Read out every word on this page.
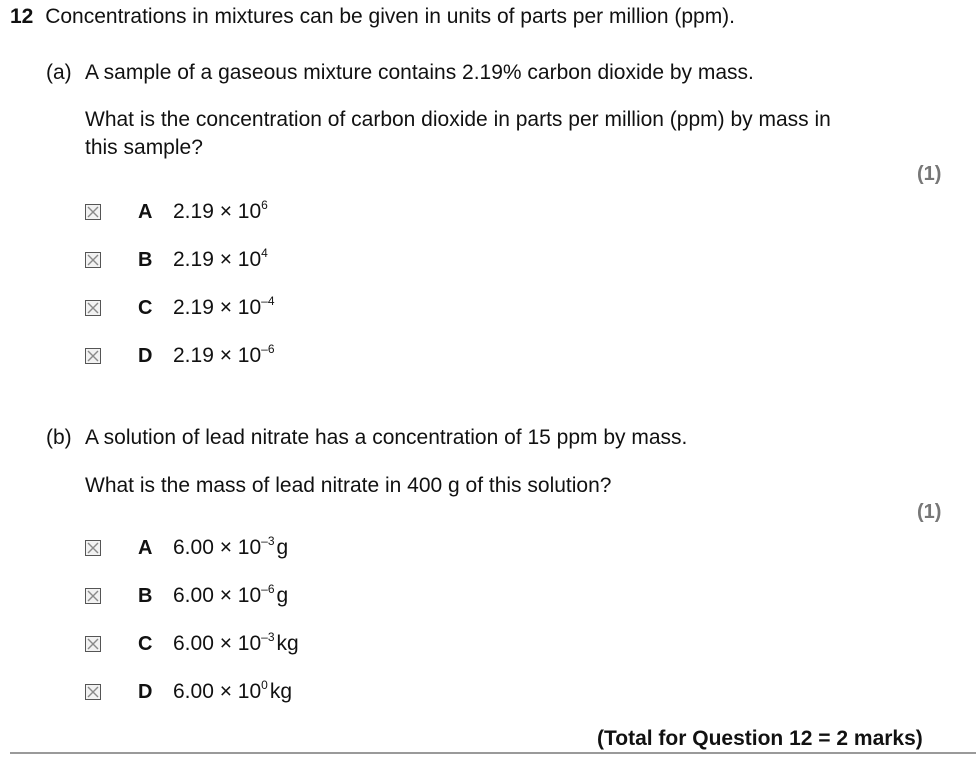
12 Concentrations in mixtures can be given in units of parts per million (ppm).
(a) A sample of a gaseous mixture contains 2.19% carbon dioxide by mass.
What is the concentration of carbon dioxide in parts per million (ppm) by mass in
this sample?
(1)
A $2.19 \times 10^6$
B $2.19 \times 10^4$
C $2.19 \times 10^{-4}$
D $2.19 \times 10^{-6}$
(b) A solution of lead nitrate has a concentration of 15 ppm by mass.
What is the mass of lead nitrate in 400 g of this solution?
(1)
A $6.00 \times 10^{-3}g$
B $6.00 \times 10^{-6}g$
C $6.00 \times 10^{-3}kg$
D $6.00 \times 10^0kg$
(Total for Question 12 = 2 marks)
